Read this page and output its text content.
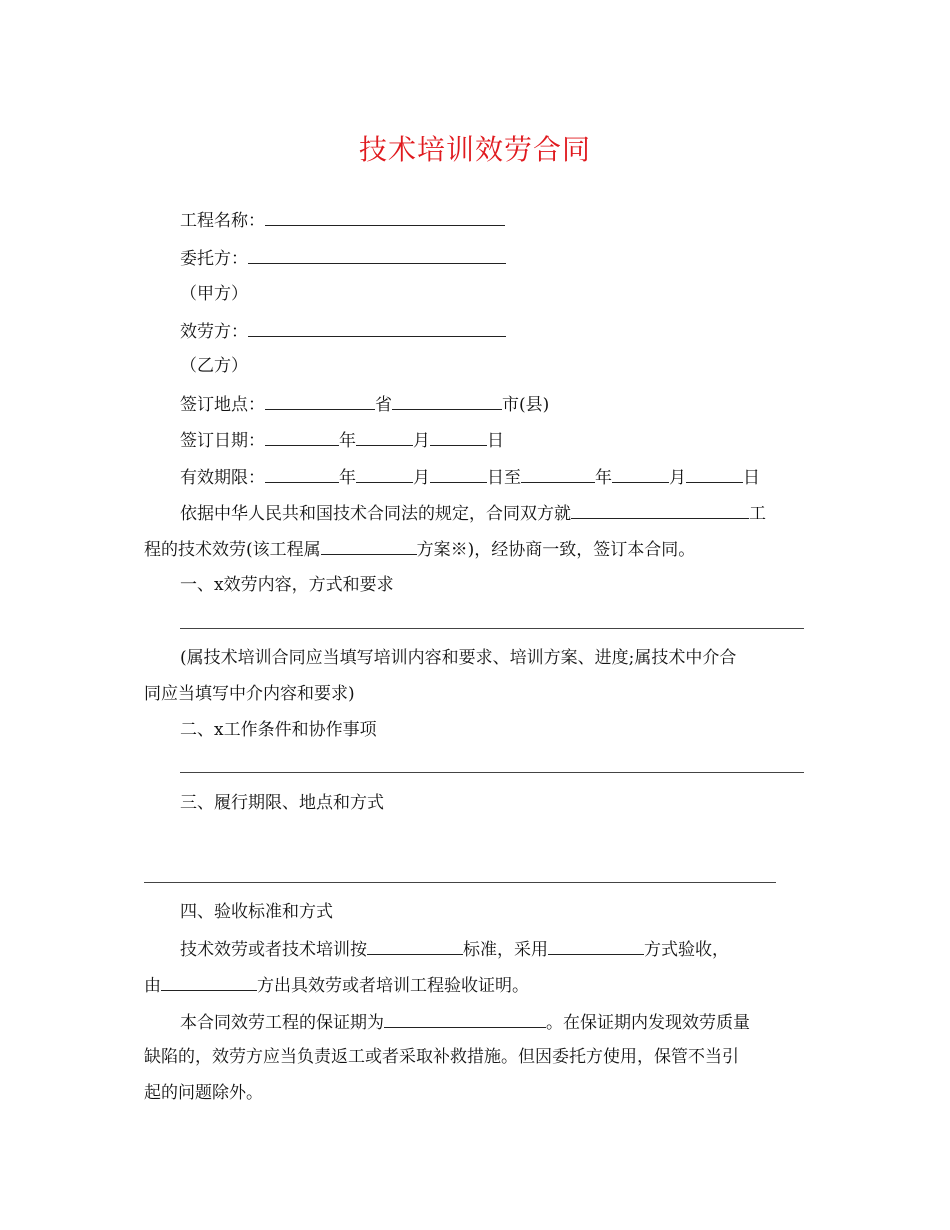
技术培训效劳合同
工程名称：
委托方：
（甲方）
效劳方：
（乙方）
签订地点：	省	市(县)
签订日期：	年	月	日
有效期限：	年	月	日至	年	月	日
依据中华人民共和国技术合同法的规定，合同双方就	工
程的技术效劳(该工程属	方案※)，经协商一致，签订本合同。
一、x效劳内容，方式和要求
(属技术培训合同应当填写培训内容和要求、培训方案、进度;属技术中介合
同应当填写中介内容和要求)
二、x工作条件和协作事项
三、履行期限、地点和方式
四、验收标准和方式
技术效劳或者技术培训按	标准，采用	方式验收，
由	方出具效劳或者培训工程验收证明。
本合同效劳工程的保证期为	。在保证期内发现效劳质量
缺陷的，效劳方应当负责返工或者采取补救措施。但因委托方使用，保管不当引
起的问题除外。
